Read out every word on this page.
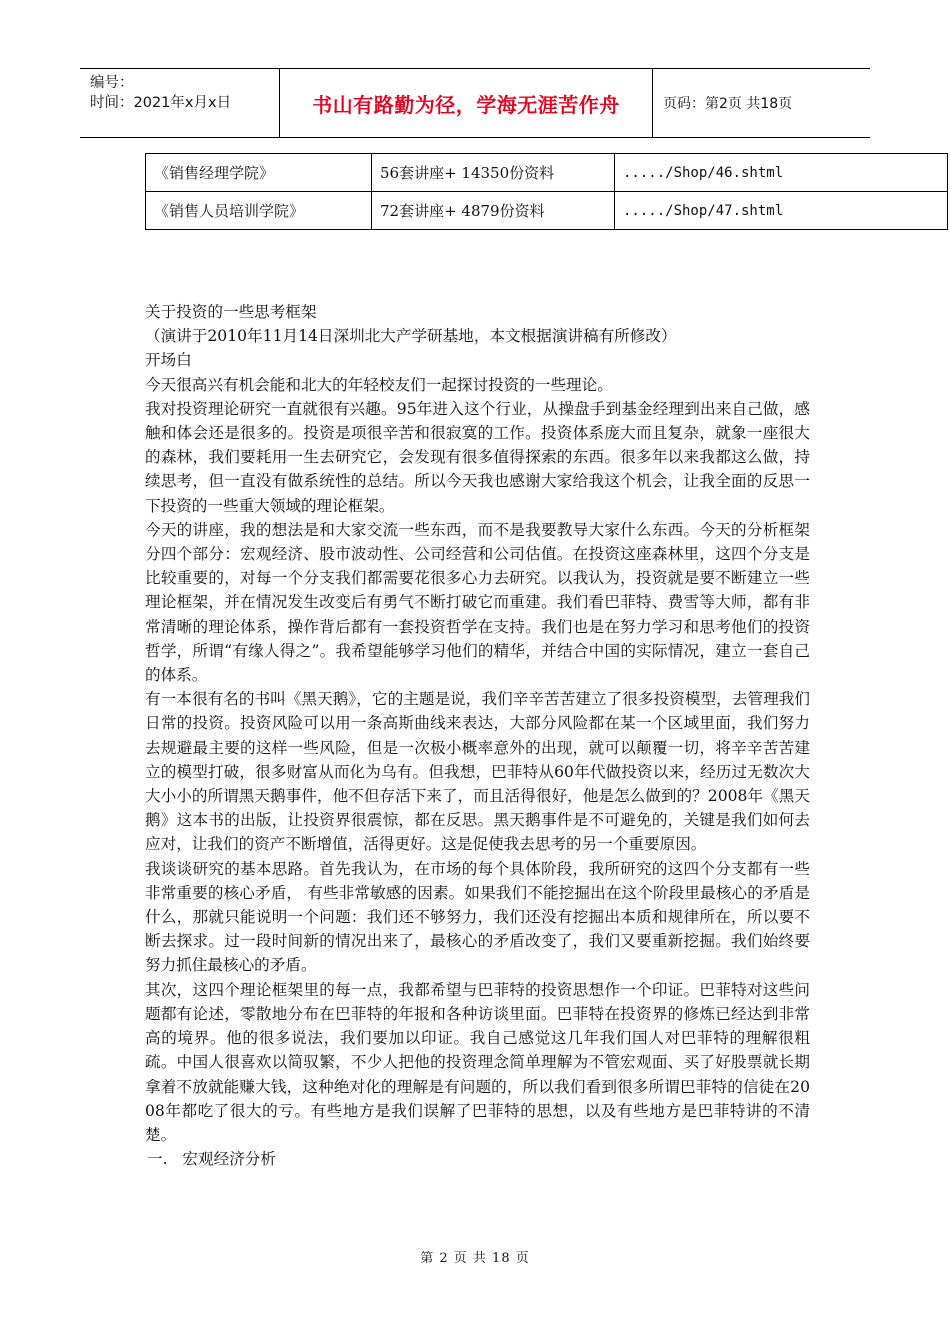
编号：
时间：2021年x月x日	书山有路勤为径，学海无涯苦作舟	页码：第2页 共18页
《销售经理学院》	56套讲座+ 14350份资料	...../Shop/46.shtml
《销售人员培训学院》	72套讲座+ 4879份资料	...../Shop/47.shtml

关于投资的一些思考框架

（演讲于2010年11月14日深圳北大产学研基地，本文根据演讲稿有所修改）

开场白

今天很高兴有机会能和北大的年轻校友们一起探讨投资的一些理论。

我对投资理论研究一直就很有兴趣。95年进入这个行业，从操盘手到基金经理到出来自己做，感触和体会还是很多的。投资是项很辛苦和很寂寞的工作。投资体系庞大而且复杂，就象一座很大的森林，我们要耗用一生去研究它，会发现有很多值得探索的东西。很多年以来我都这么做，持续思考，但一直没有做系统性的总结。所以今天我也感谢大家给我这个机会，让我全面的反思一下投资的一些重大领域的理论框架。

今天的讲座，我的想法是和大家交流一些东西，而不是我要教导大家什么东西。今天的分析框架分四个部分：宏观经济、股市波动性、公司经营和公司估值。在投资这座森林里，这四个分支是比较重要的，对每一个分支我们都需要花很多心力去研究。以我认为，投资就是要不断建立一些理论框架，并在情况发生改变后有勇气不断打破它而重建。我们看巴菲特、费雪等大师，都有非常清晰的理论体系，操作背后都有一套投资哲学在支持。我们也是在努力学习和思考他们的投资哲学，所谓“有缘人得之”。我希望能够学习他们的精华，并结合中国的实际情况，建立一套自己的体系。

有一本很有名的书叫《黑天鹅》，它的主题是说，我们辛辛苦苦建立了很多投资模型，去管理我们日常的投资。投资风险可以用一条高斯曲线来表达，大部分风险都在某一个区域里面，我们努力去规避最主要的这样一些风险，但是一次极小概率意外的出现，就可以颠覆一切，将辛辛苦苦建立的模型打破，很多财富从而化为乌有。但我想，巴菲特从60年代做投资以来，经历过无数次大大小小的所谓黑天鹅事件，他不但存活下来了，而且活得很好，他是怎么做到的？2008年《黑天鹅》这本书的出版，让投资界很震惊，都在反思。黑天鹅事件是不可避免的，关键是我们如何去应对，让我们的资产不断增值，活得更好。这是促使我去思考的另一个重要原因。

我谈谈研究的基本思路。首先我认为，在市场的每个具体阶段，我所研究的这四个分支都有一些非常重要的核心矛盾， 有些非常敏感的因素。如果我们不能挖掘出在这个阶段里最核心的矛盾是什么，那就只能说明一个问题：我们还不够努力，我们还没有挖掘出本质和规律所在，所以要不断去探求。过一段时间新的情况出来了，最核心的矛盾改变了，我们又要重新挖掘。我们始终要努力抓住最核心的矛盾。

其次，这四个理论框架里的每一点，我都希望与巴菲特的投资思想作一个印证。巴菲特对这些问题都有论述，零散地分布在巴菲特的年报和各种访谈里面。巴菲特在投资界的修炼已经达到非常高的境界。他的很多说法，我们要加以印证。我自己感觉这几年我们国人对巴菲特的理解很粗疏。中国人很喜欢以简驭繁，不少人把他的投资理念简单理解为不管宏观面、买了好股票就长期拿着不放就能赚大钱，这种绝对化的理解是有问题的，所以我们看到很多所谓巴菲特的信徒在2008年都吃了很大的亏。有些地方是我们误解了巴菲特的思想，以及有些地方是巴菲特讲的不清楚。

一.   宏观经济分析

第 2 页 共 18 页
